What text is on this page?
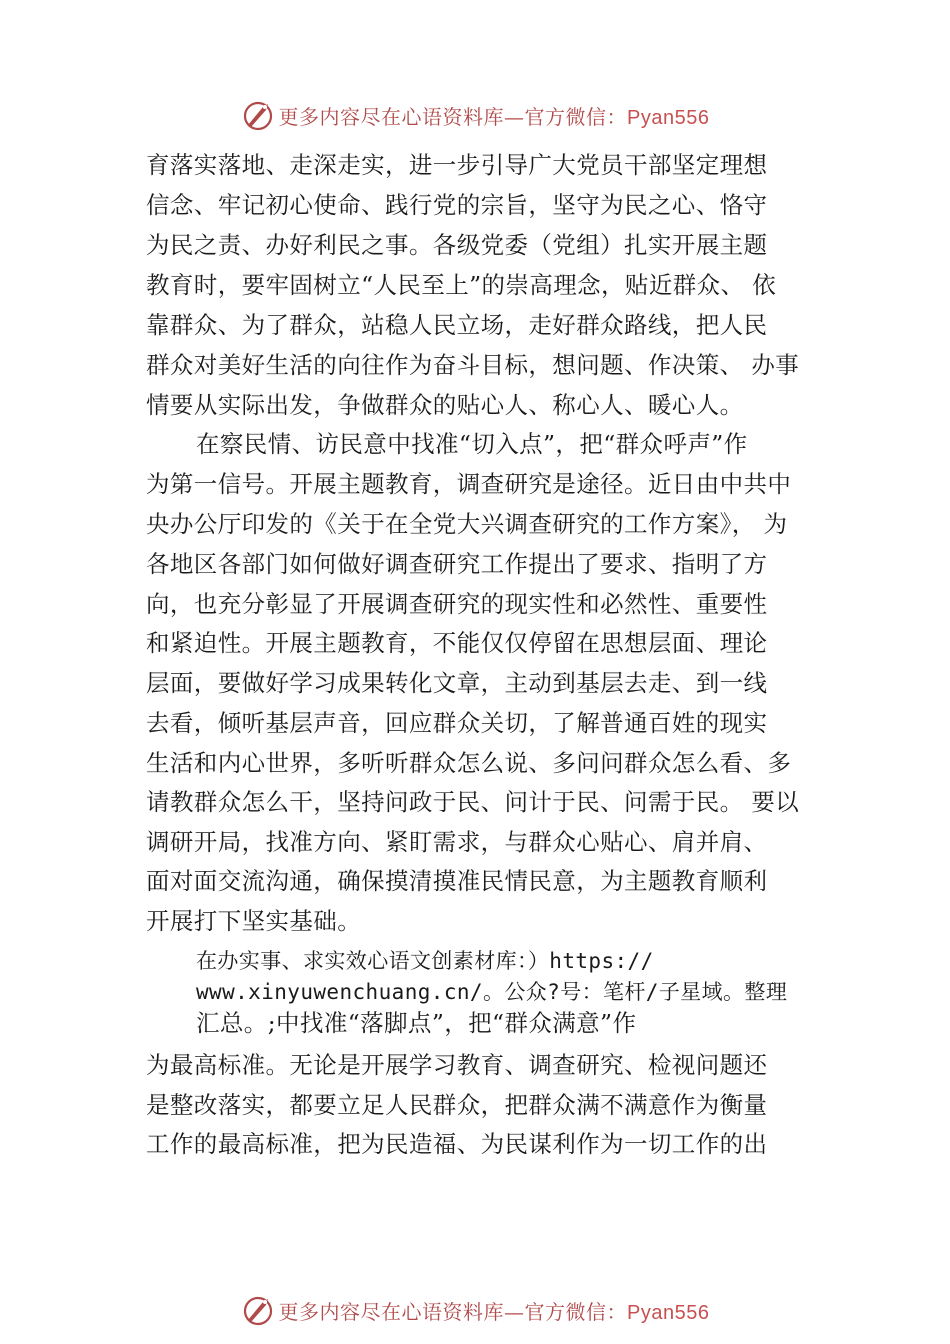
更多内容尽在心语资料库—官方微信：Pyan556
育落实落地、走深走实，进一步引导广大党员干部坚定理想
信念、牢记初心使命、践行党的宗旨，坚守为民之心、恪守
为民之责、办好利民之事。各级党委（党组）扎实开展主题
教育时，要牢固树立“人民至上”的崇高理念，贴近群众、 依
靠群众、为了群众，站稳人民立场，走好群众路线，把人民
群众对美好生活的向往作为奋斗目标，想问题、作决策、 办事
情要从实际出发，争做群众的贴心人、称心人、暖心人。
在察民情、访民意中找准“切入点”，把“群众呼声”作
为第一信号。开展主题教育，调查研究是途径。近日由中共中
央办公厅印发的《关于在全党大兴调查研究的工作方案》， 为
各地区各部门如何做好调查研究工作提出了要求、指明了方
向，也充分彰显了开展调查研究的现实性和必然性、重要性
和紧迫性。开展主题教育，不能仅仅停留在思想层面、理论
层面，要做好学习成果转化文章，主动到基层去走、到一线
去看，倾听基层声音，回应群众关切，了解普通百姓的现实
生活和内心世界，多听听群众怎么说、多问问群众怎么看、多
请教群众怎么干，坚持问政于民、问计于民、问需于民。 要以
调研开局，找准方向、紧盯需求，与群众心贴心、肩并肩、
面对面交流沟通，确保摸清摸准民情民意，为主题教育顺利
开展打下坚实基础。
在办实事、求实效心语文创素材库：）https://
www.xinyuwenchuang.cn/。公众?号：笔杆/子星域。整理
汇总。;中找准“落脚点”，把“群众满意”作
为最高标准。无论是开展学习教育、调查研究、检视问题还
是整改落实，都要立足人民群众，把群众满不满意作为衡量
工作的最高标准，把为民造福、为民谋利作为一切工作的出
更多内容尽在心语资料库—官方微信：Pyan556
